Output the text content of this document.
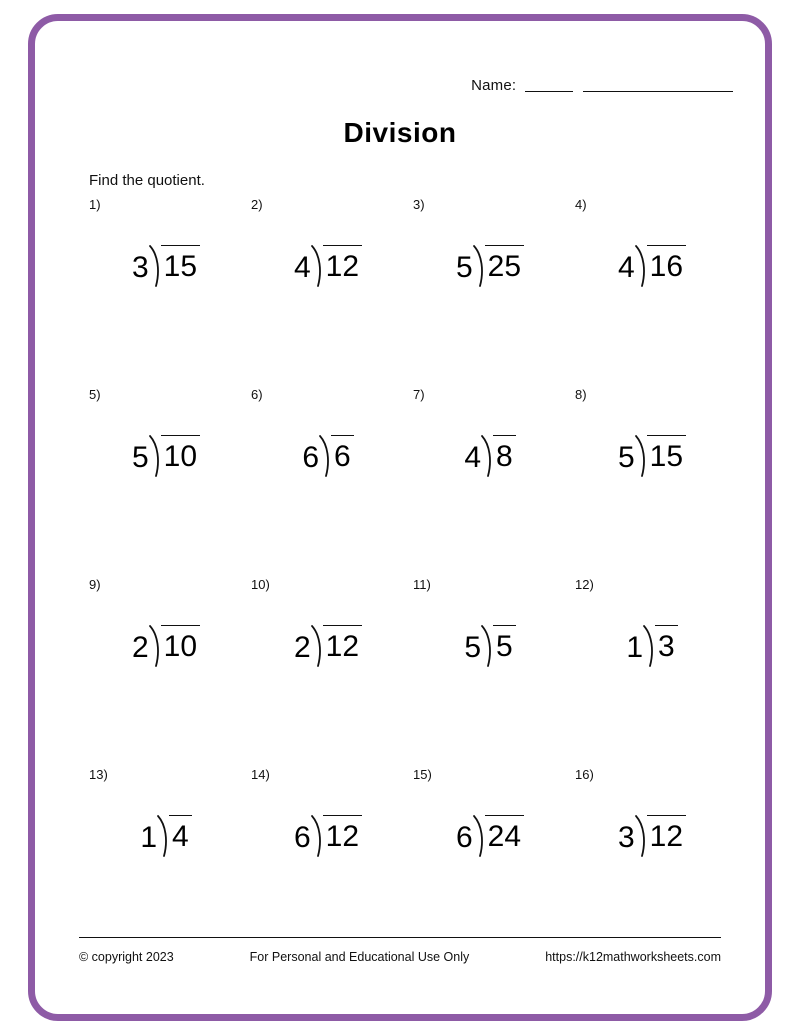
Name:
Division
Find the quotient.
1)
3 15
2)
4 12
3)
5 25
4)
4 16
5)
5 10
6)
6 6
7)
4 8
8)
5 15
9)
2 10
10)
2 12
11)
5 5
12)
1 3
13)
1 4
14)
6 12
15)
6 24
16)
3 12
© copyright 2023	For Personal and Educational Use Only	https://k12mathworksheets.com
